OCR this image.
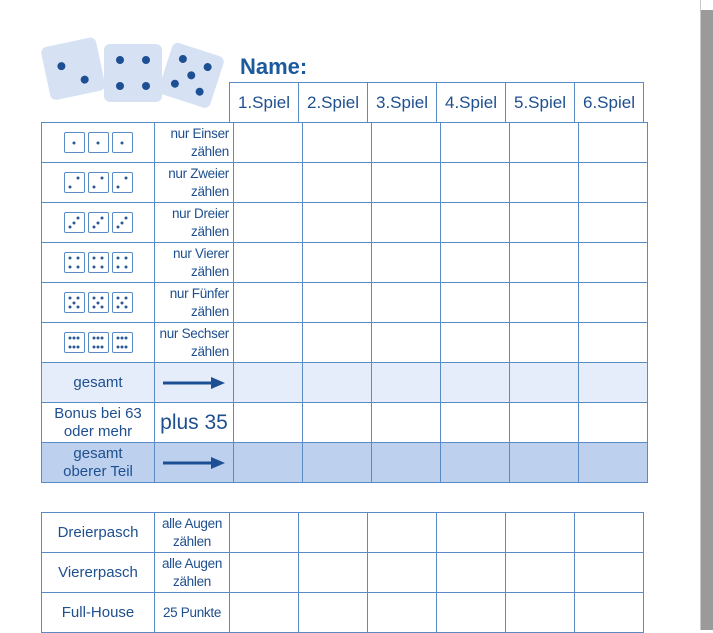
Name:
1.Spiel	2.Spiel	3.Spiel	4.Spiel	5.Spiel	6.Spiel

	nur Einser
zählen						

	nur Zweier
zählen						

	nur Dreier
zählen						

	nur Vierer
zählen						

	nur Fünfer
zählen						

	nur Sechser
zählen						

gesamt	

Bonus bei 63
oder mehr	plus 35						

gesamt
oberer Teil

Dreierpasch	alle Augen
zählen						

Viererpasch	alle Augen
zählen						

Full-House	25 Punkte						
